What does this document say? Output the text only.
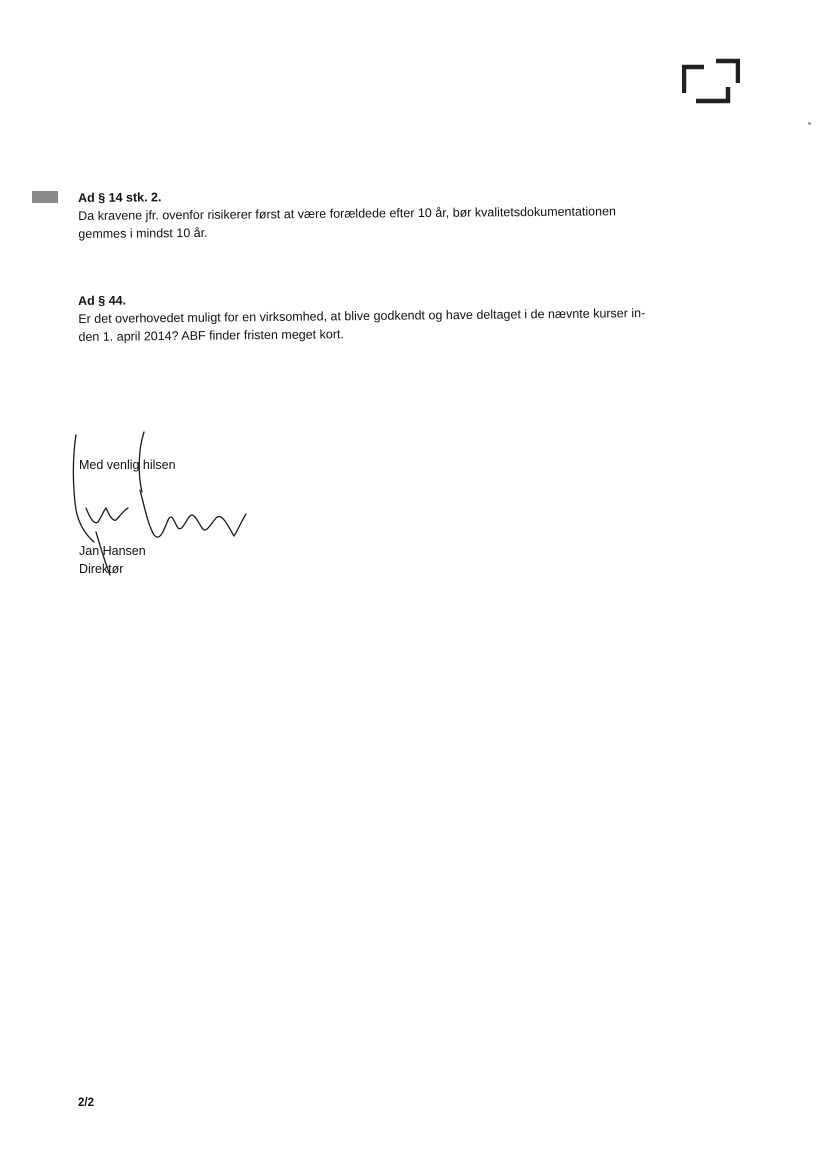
Ad § 14 stk. 2.
Da kravene jfr. ovenfor risikerer først at være forældede efter 10 år, bør kvalitetsdokumentationen
gemmes i mindst 10 år.
Ad § 44.
Er det overhovedet muligt for en virksomhed, at blive godkendt og have deltaget i de nævnte kurser in-
den 1. april 2014? ABF finder fristen meget kort.
Med venlig hilsen
Jan Hansen
Direktør
2/2
